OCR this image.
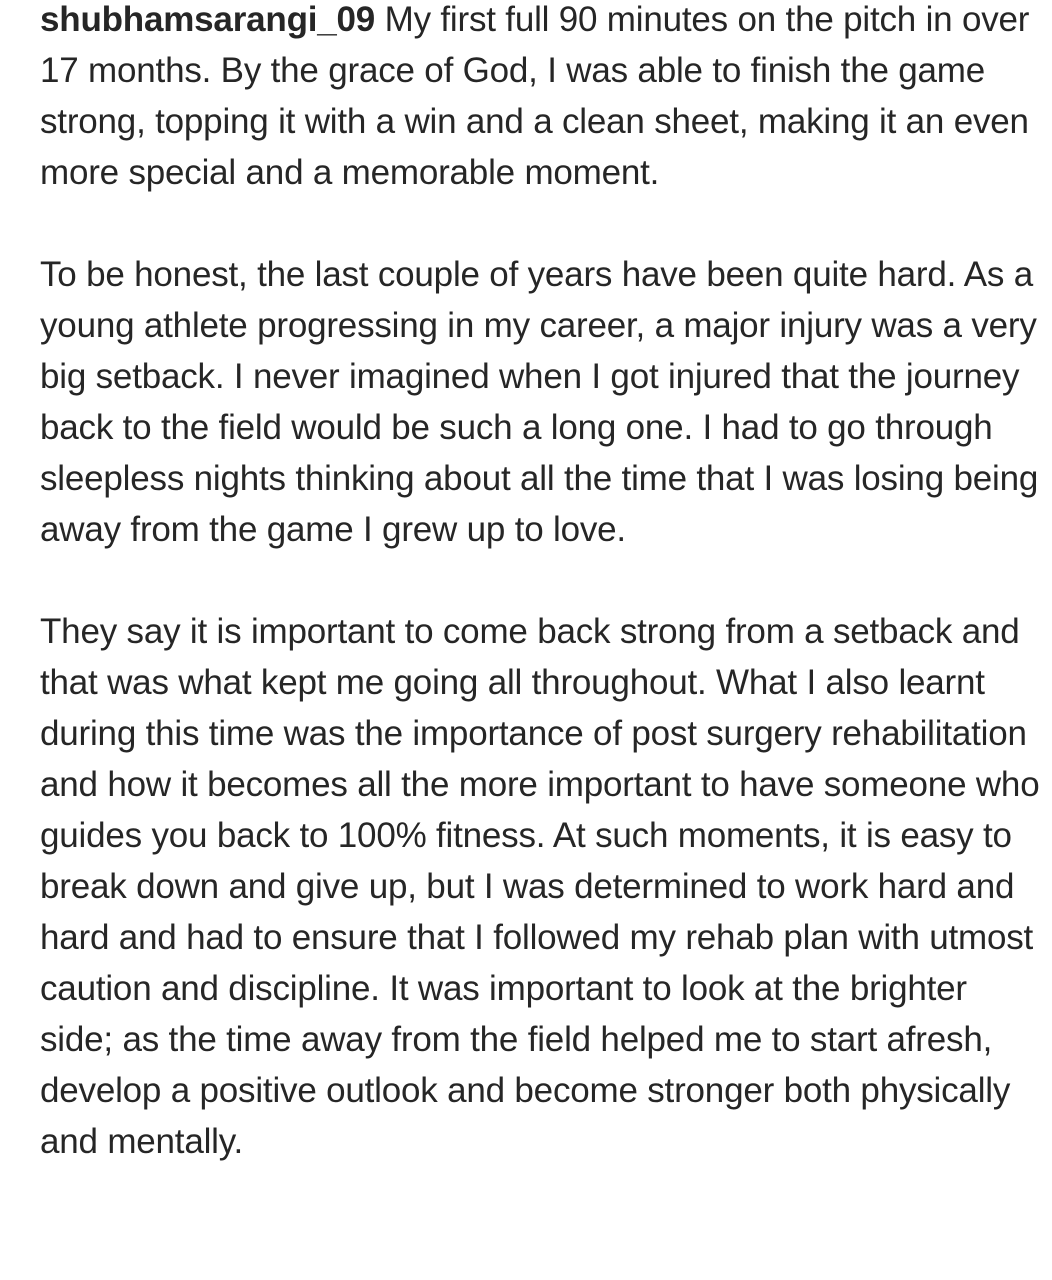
shubhamsarangi_09 My first full 90 minutes on the pitch in over 17 months. By the grace of God, I was able to finish the game strong, topping it with a win and a clean sheet, making it an even more special and a memorable moment.

To be honest, the last couple of years have been quite hard. As a young athlete progressing in my career, a major injury was a very big setback. I never imagined when I got injured that the journey back to the field would be such a long one. I had to go through sleepless nights thinking about all the time that I was losing being away from the game I grew up to love.

They say it is important to come back strong from a setback and that was what kept me going all throughout. What I also learnt during this time was the importance of post surgery rehabilitation and how it becomes all the more important to have someone who guides you back to 100% fitness. At such moments, it is easy to break down and give up, but I was determined to work hard and hard and had to ensure that I followed my rehab plan with utmost caution and discipline. It was important to look at the brighter side; as the time away from the field helped me to start afresh, develop a positive outlook and become stronger both physically and mentally.
